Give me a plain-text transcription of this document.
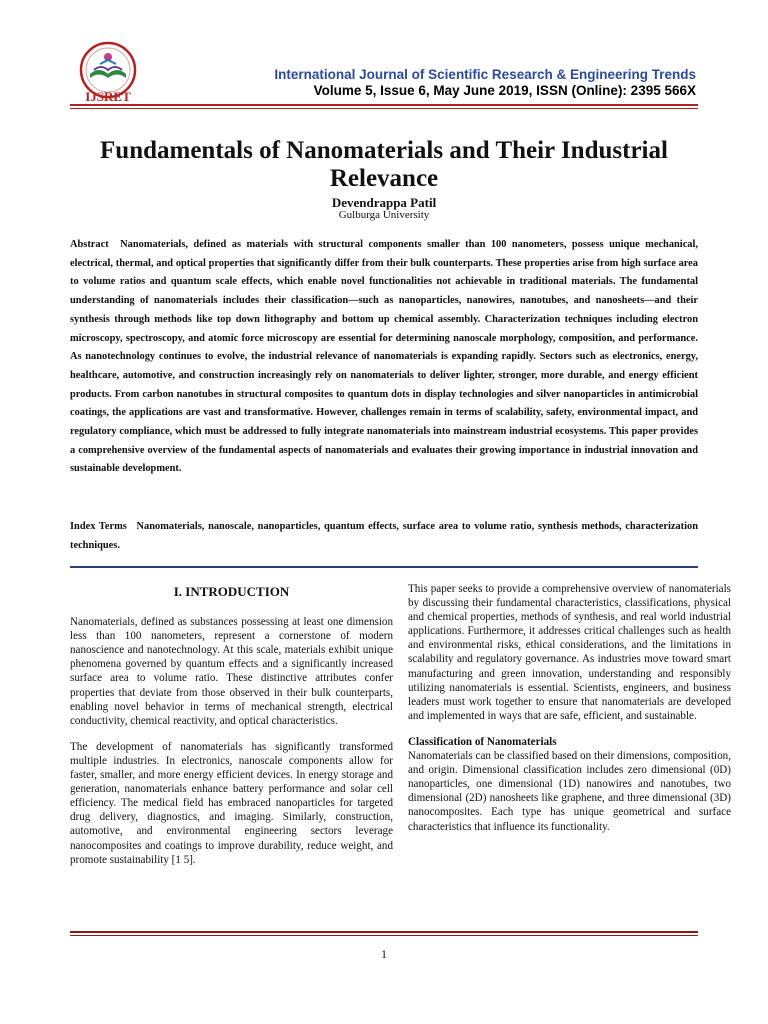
IJSRET
International Journal of Scientific Research & Engineering Trends
Volume 5, Issue 6, May June 2019, ISSN (Online): 2395 566X
Fundamentals of Nanomaterials and Their Industrial Relevance
Devendrappa Patil
Gulburga University
Abstract Nanomaterials, defined as materials with structural components smaller than 100 nanometers, possess unique mechanical, electrical, thermal, and optical properties that significantly differ from their bulk counterparts. These properties arise from high surface area to volume ratios and quantum scale effects, which enable novel functionalities not achievable in traditional materials. The fundamental understanding of nanomaterials includes their classification—such as nanoparticles, nanowires, nanotubes, and nanosheets—and their synthesis through methods like top down lithography and bottom up chemical assembly. Characterization techniques including electron microscopy, spectroscopy, and atomic force microscopy are essential for determining nanoscale morphology, composition, and performance. As nanotechnology continues to evolve, the industrial relevance of nanomaterials is expanding rapidly. Sectors such as electronics, energy, healthcare, automotive, and construction increasingly rely on nanomaterials to deliver lighter, stronger, more durable, and energy efficient products. From carbon nanotubes in structural composites to quantum dots in display technologies and silver nanoparticles in antimicrobial coatings, the applications are vast and transformative. However, challenges remain in terms of scalability, safety, environmental impact, and regulatory compliance, which must be addressed to fully integrate nanomaterials into mainstream industrial ecosystems. This paper provides a comprehensive overview of the fundamental aspects of nanomaterials and evaluates their growing importance in industrial innovation and sustainable development.
Index Terms Nanomaterials, nanoscale, nanoparticles, quantum effects, surface area to volume ratio, synthesis methods, characterization techniques.
I. INTRODUCTION

Nanomaterials, defined as substances possessing at least one dimension less than 100 nanometers, represent a cornerstone of modern nanoscience and nanotechnology. At this scale, materials exhibit unique phenomena governed by quantum effects and a significantly increased surface area to volume ratio. These distinctive attributes confer properties that deviate from those observed in their bulk counterparts, enabling novel behavior in terms of mechanical strength, electrical conductivity, chemical reactivity, and optical characteristics.

The development of nanomaterials has significantly transformed multiple industries. In electronics, nanoscale components allow for faster, smaller, and more energy efficient devices. In energy storage and generation, nanomaterials enhance battery performance and solar cell efficiency. The medical field has embraced nanoparticles for targeted drug delivery, diagnostics, and imaging. Similarly, construction, automotive, and environmental engineering sectors leverage nanocomposites and coatings to improve durability, reduce weight, and promote sustainability [1 5].

This paper seeks to provide a comprehensive overview of nanomaterials by discussing their fundamental characteristics, classifications, physical and chemical properties, methods of synthesis, and real world industrial applications. Furthermore, it addresses critical challenges such as health and environmental risks, ethical considerations, and the limitations in scalability and regulatory governance. As industries move toward smart manufacturing and green innovation, understanding and responsibly utilizing nanomaterials is essential. Scientists, engineers, and business leaders must work together to ensure that nanomaterials are developed and implemented in ways that are safe, efficient, and sustainable.

Classification of Nanomaterials

Nanomaterials can be classified based on their dimensions, composition, and origin. Dimensional classification includes zero dimensional (0D) nanoparticles, one dimensional (1D) nanowires and nanotubes, two dimensional (2D) nanosheets like graphene, and three dimensional (3D) nanocomposites. Each type has unique geometrical and surface characteristics that influence its functionality.

1
